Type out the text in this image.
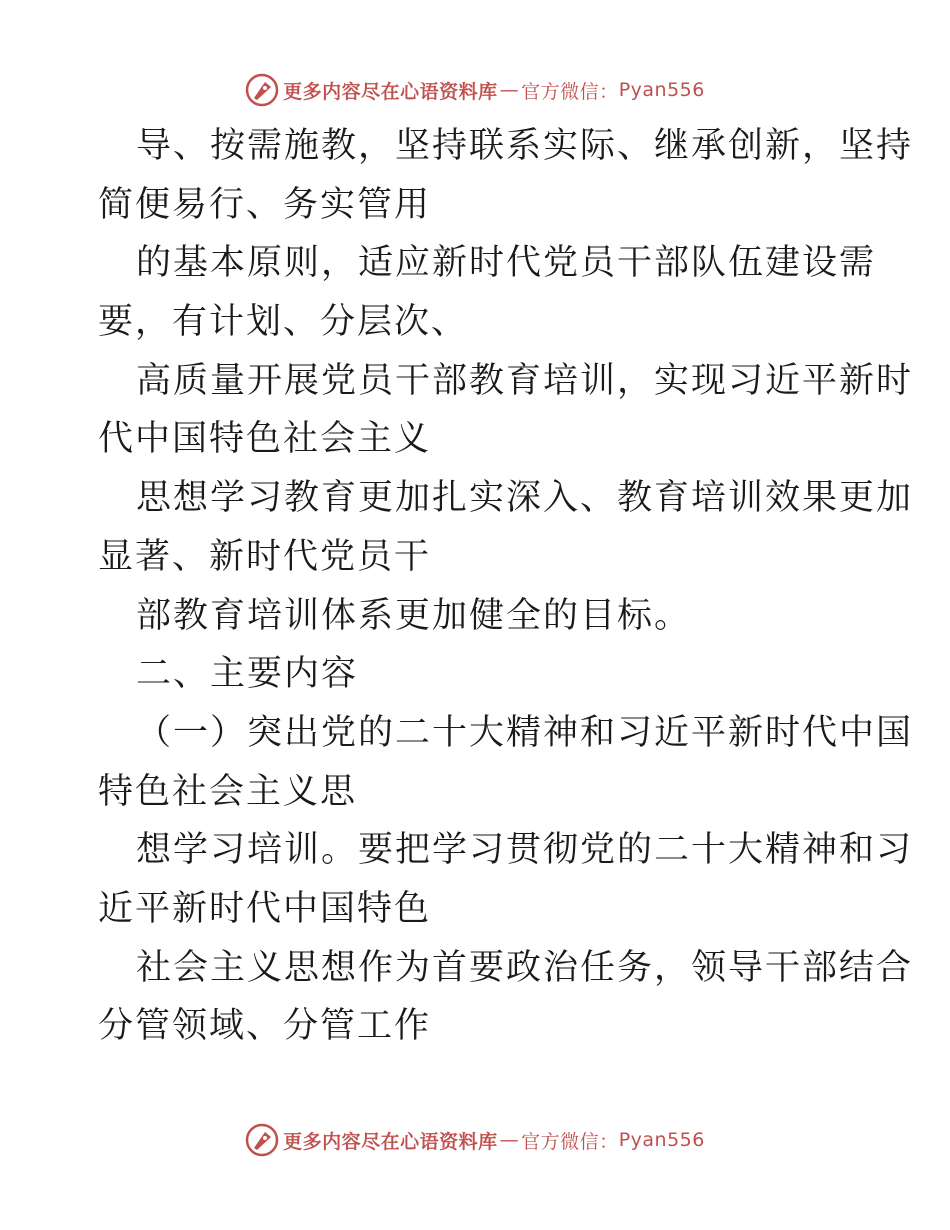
更多内容尽在心语资料库 — 官方微信： Pyan556
导、按需施教，坚持联系实际、继承创新，坚持
简便易行、务实管用
的基本原则，适应新时代党员干部队伍建设需
要，有计划、分层次、
高质量开展党员干部教育培训，实现习近平新时
代中国特色社会主义
思想学习教育更加扎实深入、教育培训效果更加
显著、新时代党员干
部教育培训体系更加健全的目标。
二、主要内容
（一）突出党的二十大精神和习近平新时代中国
特色社会主义思
想学习培训。要把学习贯彻党的二十大精神和习
近平新时代中国特色
社会主义思想作为首要政治任务，领导干部结合
分管领域、分管工作
更多内容尽在心语资料库 — 官方微信： Pyan556
